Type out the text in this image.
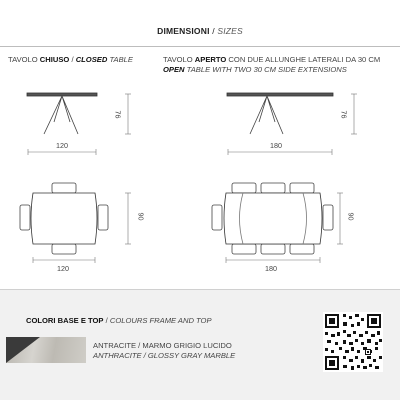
DIMENSIONI / SIZES
TAVOLO CHIUSO / CLOSED TABLE	TAVOLO APERTO CON DUE ALLUNGHE LATERALI DA 30 CM
OPEN TABLE WITH TWO 30 CM SIDE EXTENSIONS
120
76
180
76
120
90
180
90
COLORI BASE E TOP / COLOURS FRAME AND TOP
ANTRACITE / MARMO GRIGIO LUCIDO
ANTHRACITE / GLOSSY GRAY MARBLE
